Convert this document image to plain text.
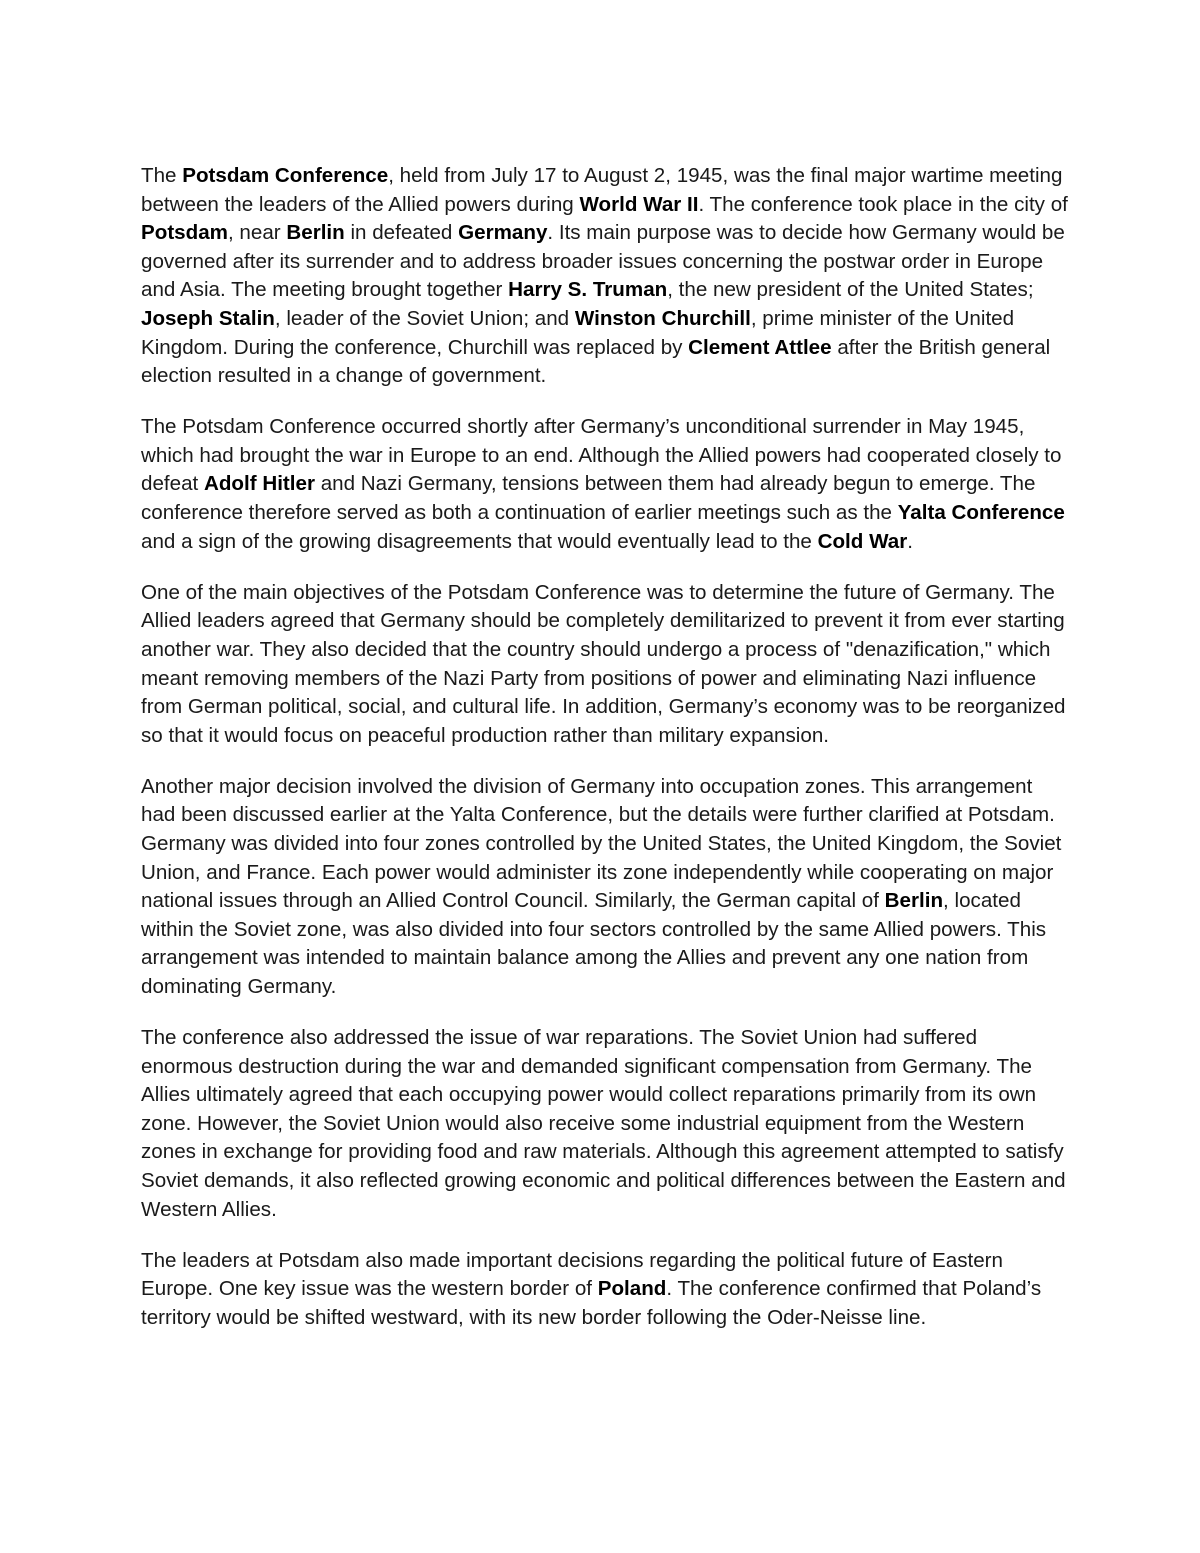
The Potsdam Conference, held from July 17 to August 2, 1945, was the final major wartime meeting between the leaders of the Allied powers during World War II. The conference took place in the city of Potsdam, near Berlin in defeated Germany. Its main purpose was to decide how Germany would be governed after its surrender and to address broader issues concerning the postwar order in Europe and Asia. The meeting brought together Harry S. Truman, the new president of the United States; Joseph Stalin, leader of the Soviet Union; and Winston Churchill, prime minister of the United Kingdom. During the conference, Churchill was replaced by Clement Attlee after the British general election resulted in a change of government.

The Potsdam Conference occurred shortly after Germany’s unconditional surrender in May 1945, which had brought the war in Europe to an end. Although the Allied powers had cooperated closely to defeat Adolf Hitler and Nazi Germany, tensions between them had already begun to emerge. The conference therefore served as both a continuation of earlier meetings such as the Yalta Conference and a sign of the growing disagreements that would eventually lead to the Cold War.

One of the main objectives of the Potsdam Conference was to determine the future of Germany. The Allied leaders agreed that Germany should be completely demilitarized to prevent it from ever starting another war. They also decided that the country should undergo a process of "denazification," which meant removing members of the Nazi Party from positions of power and eliminating Nazi influence from German political, social, and cultural life. In addition, Germany’s economy was to be reorganized so that it would focus on peaceful production rather than military expansion.

Another major decision involved the division of Germany into occupation zones. This arrangement had been discussed earlier at the Yalta Conference, but the details were further clarified at Potsdam. Germany was divided into four zones controlled by the United States, the United Kingdom, the Soviet Union, and France. Each power would administer its zone independently while cooperating on major national issues through an Allied Control Council. Similarly, the German capital of Berlin, located within the Soviet zone, was also divided into four sectors controlled by the same Allied powers. This arrangement was intended to maintain balance among the Allies and prevent any one nation from dominating Germany.

The conference also addressed the issue of war reparations. The Soviet Union had suffered enormous destruction during the war and demanded significant compensation from Germany. The Allies ultimately agreed that each occupying power would collect reparations primarily from its own zone. However, the Soviet Union would also receive some industrial equipment from the Western zones in exchange for providing food and raw materials. Although this agreement attempted to satisfy Soviet demands, it also reflected growing economic and political differences between the Eastern and Western Allies.

The leaders at Potsdam also made important decisions regarding the political future of Eastern Europe. One key issue was the western border of Poland. The conference confirmed that Poland’s territory would be shifted westward, with its new border following the Oder-Neisse line.
